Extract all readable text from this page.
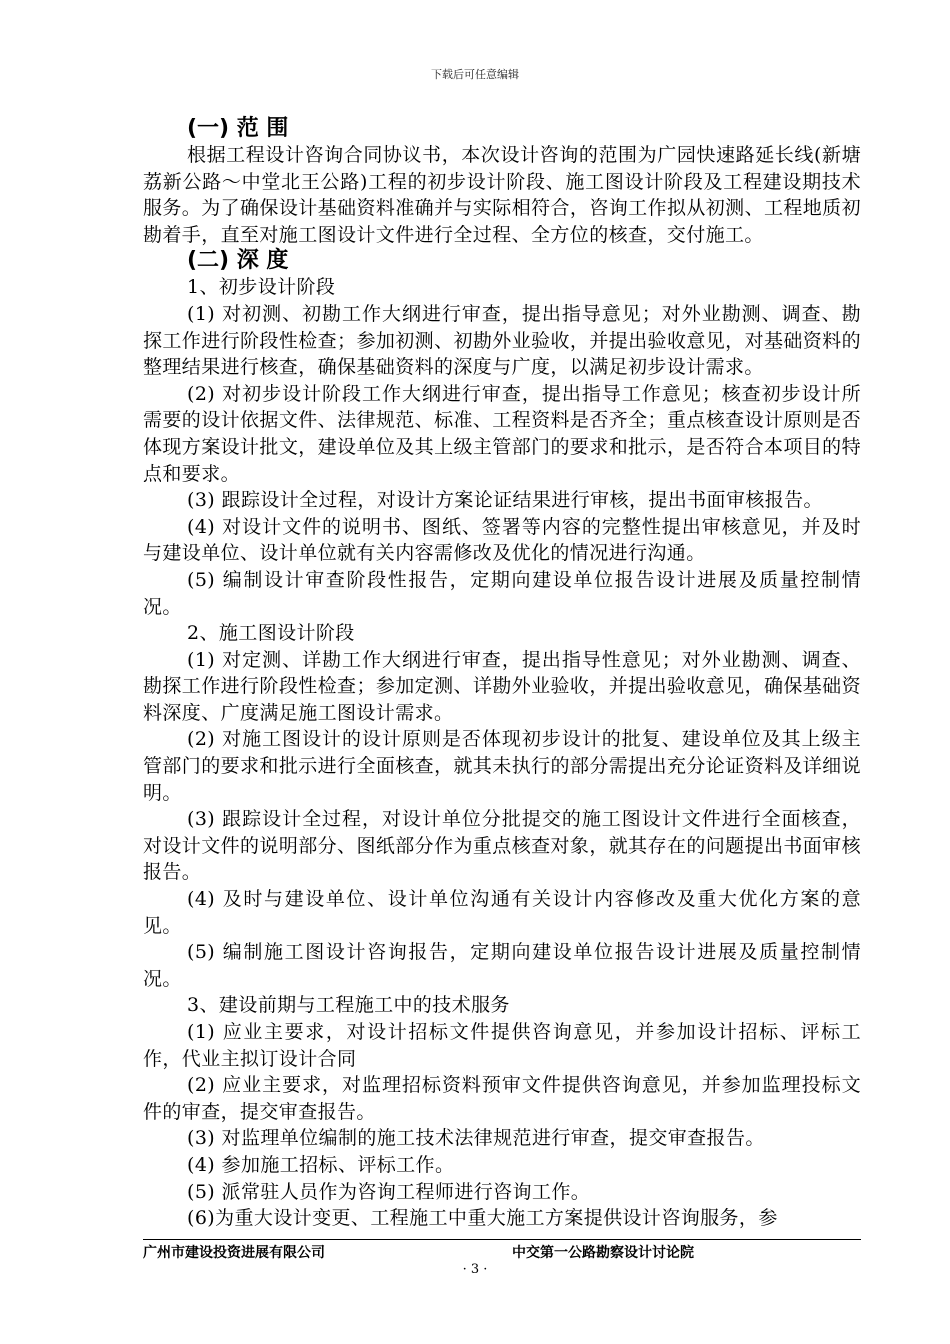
下载后可任意编辑

(一) 范 围

根据工程设计咨询合同协议书，本次设计咨询的范围为广园快速路延长线(新塘荔新公路～中堂北王公路)工程的初步设计阶段、施工图设计阶段及工程建设期技术服务。为了确保设计基础资料准确并与实际相符合，咨询工作拟从初测、工程地质初勘着手，直至对施工图设计文件进行全过程、全方位的核查，交付施工。

(二) 深 度

1、初步设计阶段

(1) 对初测、初勘工作大纲进行审查，提出指导意见；对外业勘测、调查、勘探工作进行阶段性检查；参加初测、初勘外业验收，并提出验收意见，对基础资料的整理结果进行核查，确保基础资料的深度与广度，以满足初步设计需求。

(2) 对初步设计阶段工作大纲进行审查，提出指导工作意见；核查初步设计所需要的设计依据文件、法律规范、标准、工程资料是否齐全；重点核查设计原则是否体现方案设计批文，建设单位及其上级主管部门的要求和批示，是否符合本项目的特点和要求。

(3) 跟踪设计全过程，对设计方案论证结果进行审核，提出书面审核报告。

(4) 对设计文件的说明书、图纸、签署等内容的完整性提出审核意见，并及时与建设单位、设计单位就有关内容需修改及优化的情况进行沟通。

(5) 编制设计审查阶段性报告，定期向建设单位报告设计进展及质量控制情况。

2、施工图设计阶段

(1) 对定测、详勘工作大纲进行审查，提出指导性意见；对外业勘测、调查、勘探工作进行阶段性检查；参加定测、详勘外业验收，并提出验收意见，确保基础资料深度、广度满足施工图设计需求。

(2) 对施工图设计的设计原则是否体现初步设计的批复、建设单位及其上级主管部门的要求和批示进行全面核查，就其未执行的部分需提出充分论证资料及详细说明。

(3) 跟踪设计全过程，对设计单位分批提交的施工图设计文件进行全面核查，对设计文件的说明部分、图纸部分作为重点核查对象，就其存在的问题提出书面审核报告。

(4) 及时与建设单位、设计单位沟通有关设计内容修改及重大优化方案的意见。

(5) 编制施工图设计咨询报告，定期向建设单位报告设计进展及质量控制情况。

3、建设前期与工程施工中的技术服务

(1) 应业主要求，对设计招标文件提供咨询意见，并参加设计招标、评标工作，代业主拟订设计合同

(2) 应业主要求，对监理招标资料预审文件提供咨询意见，并参加监理投标文件的审查，提交审查报告。

(3) 对监理单位编制的施工技术法律规范进行审查，提交审查报告。

(4) 参加施工招标、评标工作。

(5) 派常驻人员作为咨询工程师进行咨询工作。

(6)为重大设计变更、工程施工中重大施工方案提供设计咨询服务，参

广州市建设投资进展有限公司	中交第一公路勘察设计讨论院
· 3 ·
